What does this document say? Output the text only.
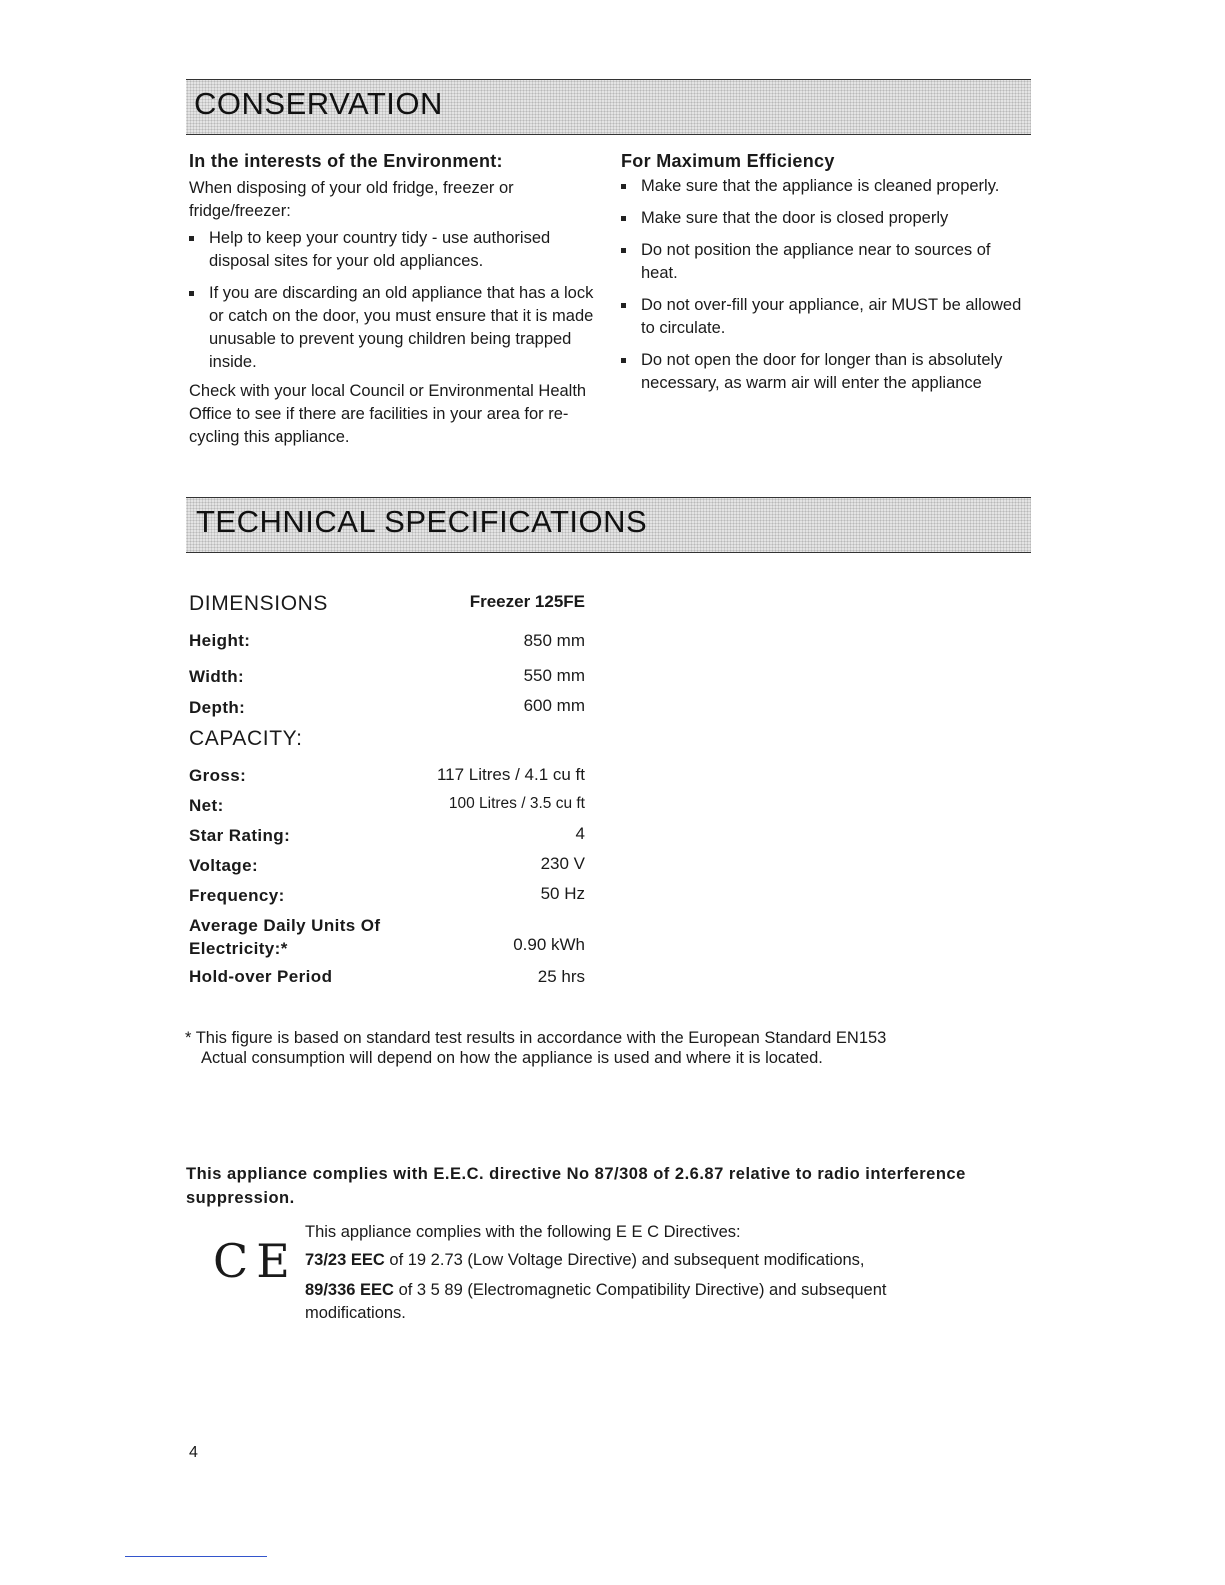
CONSERVATION
In the interests of the Environment:
When disposing of your old fridge, freezer or fridge/freezer:
Help to keep your country tidy - use authorised disposal sites for your old appliances.
If you are discarding an old appliance that has a lock or catch on the door, you must ensure that it is made unusable to prevent young children being trapped inside.
Check with your local Council or Environmental Health Office to see if there are facilities in your area for re-cycling this appliance.
For Maximum Efficiency
Make sure that the appliance is cleaned properly.
Make sure that the door is closed properly
Do not position the appliance near to sources of heat.
Do not over-fill your appliance, air MUST be allowed to circulate.
Do not open the door for longer than is absolutely necessary, as warm air will enter the appliance
TECHNICAL SPECIFICATIONS
DIMENSIONS	Freezer 125FE
Height:	850 mm
Width:	550 mm
Depth:	600 mm
CAPACITY:
Gross:	117 Litres / 4.1 cu ft
Net:	100 Litres / 3.5 cu ft
Star Rating:	4
Voltage:	230 V
Frequency:	50 Hz
Average Daily Units Of Electricity:*	0.90 kWh
Hold-over Period	25 hrs
* This figure is based on standard test results in accordance with the European Standard EN153
Actual consumption will depend on how the appliance is used and where it is located.
This appliance complies with E.E.C. directive No 87/308 of 2.6.87 relative to radio interference
suppression.
CE
This appliance complies with the following E E C Directives:
73/23 EEC of 19 2.73 (Low Voltage Directive) and subsequent modifications,
89/336 EEC of 3 5 89 (Electromagnetic Compatibility Directive) and subsequent
modifications.
4
